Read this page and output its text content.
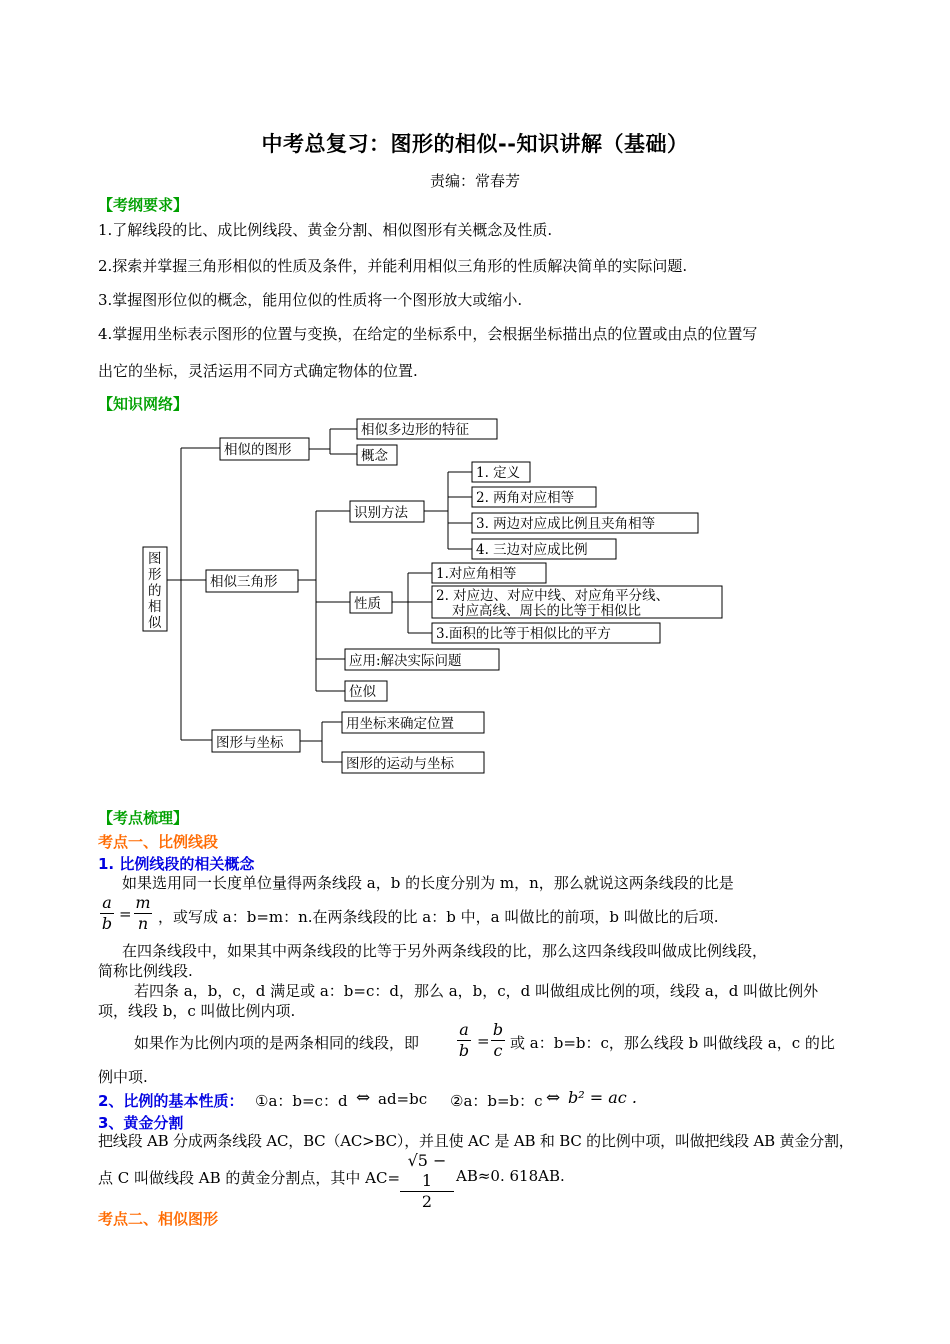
中考总复习：图形的相似--知识讲解（基础）
责编：常春芳
【考纲要求】
1.了解线段的比、成比例线段、黄金分割、相似图形有关概念及性质.
2.探索并掌握三角形相似的性质及条件，并能利用相似三角形的性质解决简单的实际问题.
3.掌握图形位似的概念，能用位似的性质将一个图形放大或缩小.
4.掌握用坐标表示图形的位置与变换，在给定的坐标系中，会根据坐标描出点的位置或由点的位置写
出它的坐标，灵活运用不同方式确定物体的位置.
【知识网络】
图
形
的
相
似
相似的图形
相似多边形的特征
概念
相似三角形
识别方法
1. 定义
2. 两角对应相等
3. 两边对应成比例且夹角相等
4. 三边对应成比例
性质
1.对应角相等
2. 对应边、对应中线、对应角平分线、
对应高线、周长的比等于相似比
3.面积的比等于相似比的平方
应用:解决实际问题
位似
图形与坐标
用坐标来确定位置
图形的运动与坐标
【考点梳理】
考点一、比例线段
1. 比例线段的相关概念
如果选用同一长度单位量得两条线段 a，b 的长度分别为 m，n，那么就说这两条线段的比是
a
b =
m
n ，或写成 a：b=m：n.在两条线段的比 a：b 中，a 叫做比的前项，b 叫做比的后项.
在四条线段中，如果其中两条线段的比等于另外两条线段的比，那么这四条线段叫做成比例线段，
简称比例线段.
若四条 a，b，c，d 满足或 a：b=c：d，那么 a，b，c，d 叫做组成比例的项，线段 a，d 叫做比例外
项，线段 b，c 叫做比例内项.
如果作为比例内项的是两条相同的线段，即
a
b =
b
c 或 a：b=b：c，那么线段 b 叫做线段 a，c 的比
例中项.
2、比例的基本性质： ①a：b=c：d ⇔ ad=bc ②a：b=b：c ⇔ b² = ac .
3、黄金分割
把线段 AB 分成两条线段 AC，BC（AC>BC），并且使 AC 是 AB 和 BC 的比例中项，叫做把线段 AB 黄金分割，
点 C 叫做线段 AB 的黄金分割点，其中 AC=
√5 − 1
2
AB≈0. 618AB.
考点二、相似图形
